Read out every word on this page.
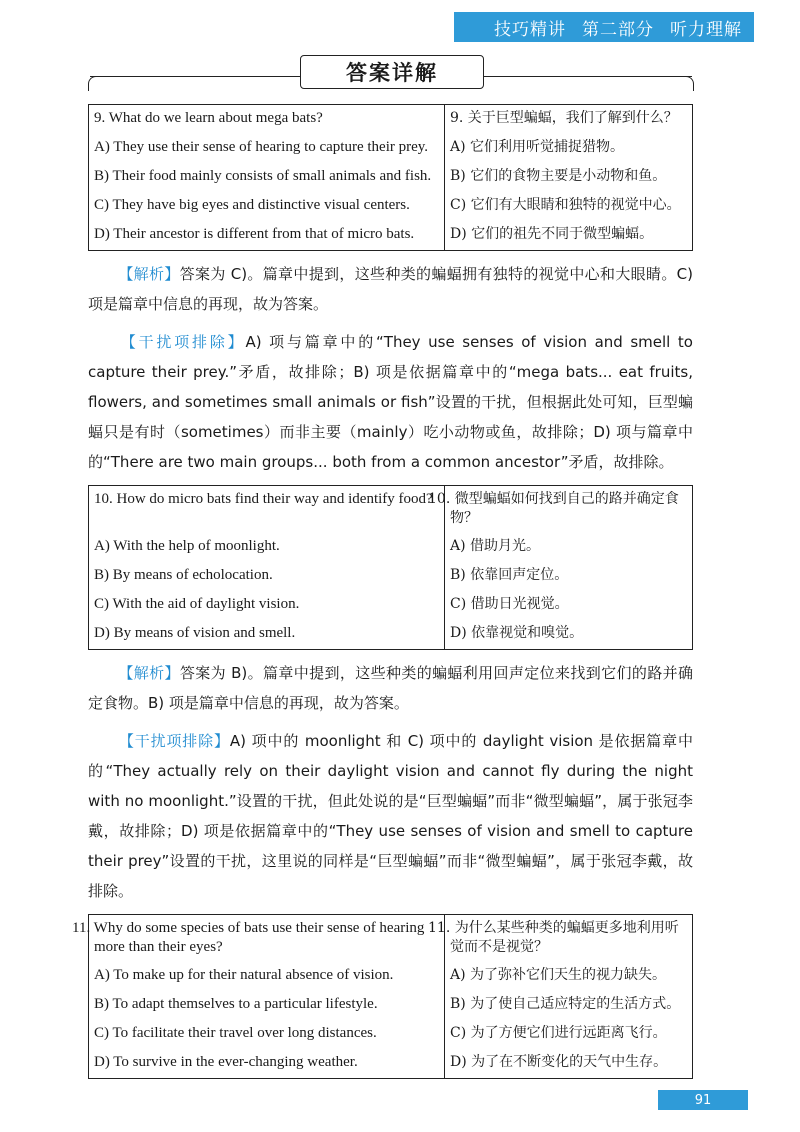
技巧精讲 第二部分 听力理解
答案详解
9. What do we learn about mega bats?	9. 关于巨型蝙蝠，我们了解到什么？
A) They use their sense of hearing to capture their prey.	A) 它们利用听觉捕捉猎物。
B) Their food mainly consists of small animals and fish.	B) 它们的食物主要是小动物和鱼。
C) They have big eyes and distinctive visual centers.	C) 它们有大眼睛和独特的视觉中心。
D) Their ancestor is different from that of micro bats.	D) 它们的祖先不同于微型蝙蝠。

【解析】答案为 C)。篇章中提到，这些种类的蝙蝠拥有独特的视觉中心和大眼睛。C) 项是篇章中信息的再现，故为答案。

【干扰项排除】A) 项与篇章中的“They use senses of vision and smell to capture their prey.”矛盾，故排除；B) 项是依据篇章中的“mega bats... eat fruits, flowers, and sometimes small animals or fish”设置的干扰，但根据此处可知，巨型蝙蝠只是有时（sometimes）而非主要（mainly）吃小动物或鱼，故排除；D) 项与篇章中的“There are two main groups... both from a common ancestor”矛盾，故排除。

10. How do micro bats find their way and identify food?	10. 微型蝙蝠如何找到自己的路并确定食物？
A) With the help of moonlight.	A) 借助月光。
B) By means of echolocation.	B) 依靠回声定位。
C) With the aid of daylight vision.	C) 借助日光视觉。
D) By means of vision and smell.	D) 依靠视觉和嗅觉。

【解析】答案为 B)。篇章中提到，这些种类的蝙蝠利用回声定位来找到它们的路并确定食物。B) 项是篇章中信息的再现，故为答案。

【干扰项排除】A) 项中的 moonlight 和 C) 项中的 daylight vision 是依据篇章中的“They actually rely on their daylight vision and cannot fly during the night with no moonlight.”设置的干扰，但此处说的是“巨型蝙蝠”而非“微型蝙蝠”，属于张冠李戴，故排除；D) 项是依据篇章中的“They use senses of vision and smell to capture their prey”设置的干扰，这里说的同样是“巨型蝙蝠”而非“微型蝙蝠”，属于张冠李戴，故排除。

11. Why do some species of bats use their sense of hearing more than their eyes?	11. 为什么某些种类的蝙蝠更多地利用听觉而不是视觉？
A) To make up for their natural absence of vision.	A) 为了弥补它们天生的视力缺失。
B) To adapt themselves to a particular lifestyle.	B) 为了使自己适应特定的生活方式。
C) To facilitate their travel over long distances.	C) 为了方便它们进行远距离飞行。
D) To survive in the ever-changing weather.	D) 为了在不断变化的天气中生存。
91
